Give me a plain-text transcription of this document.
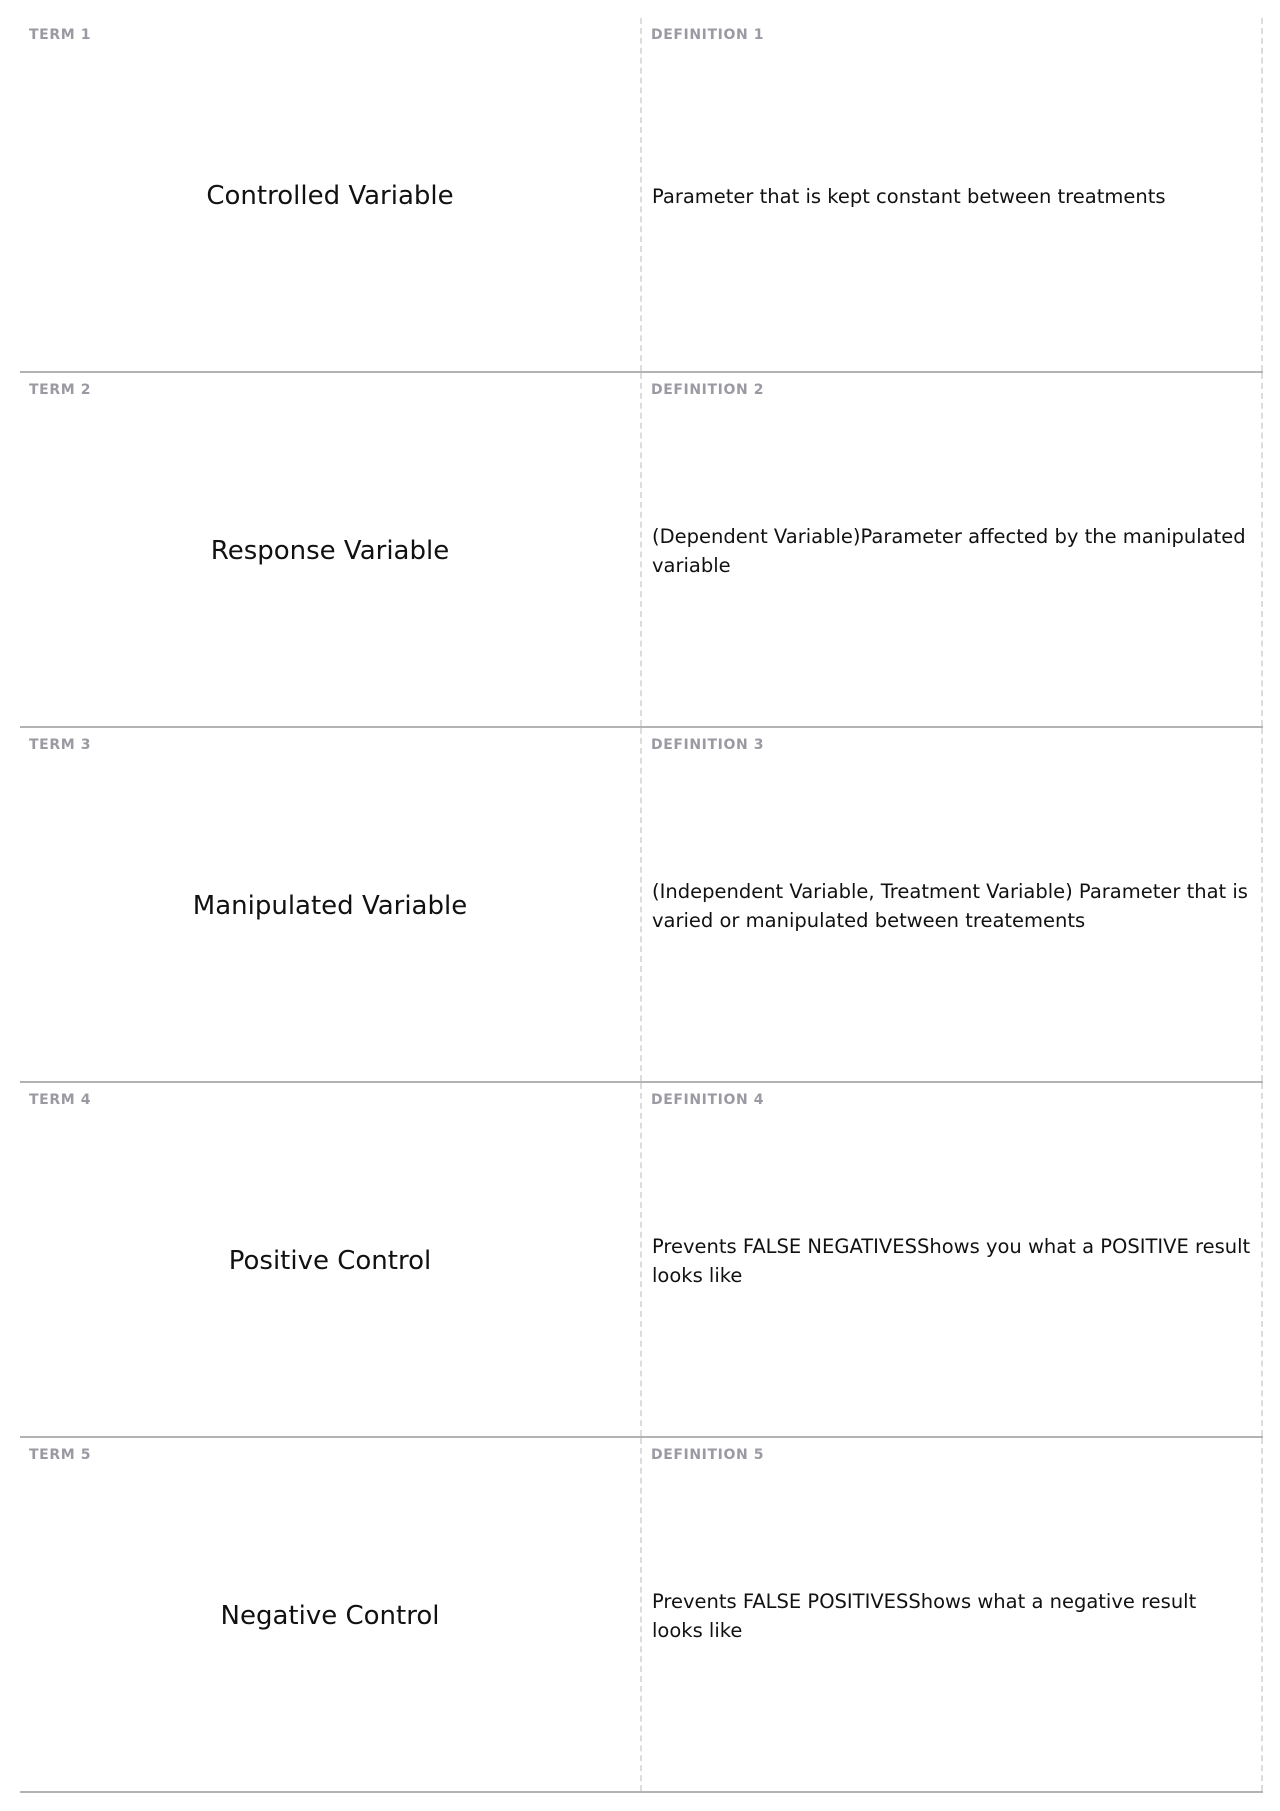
TERM 1
Controlled Variable
DEFINITION 1
Parameter that is kept constant between treatments
TERM 2
Response Variable
DEFINITION 2
(Dependent Variable)Parameter affected by the manipulated variable
TERM 3
Manipulated Variable
DEFINITION 3
(Independent Variable, Treatment Variable) Parameter that is varied or manipulated between treatements
TERM 4
Positive Control
DEFINITION 4
Prevents FALSE NEGATIVESShows you what a POSITIVE result looks like
TERM 5
Negative Control
DEFINITION 5
Prevents FALSE POSITIVESShows what a negative result looks like
